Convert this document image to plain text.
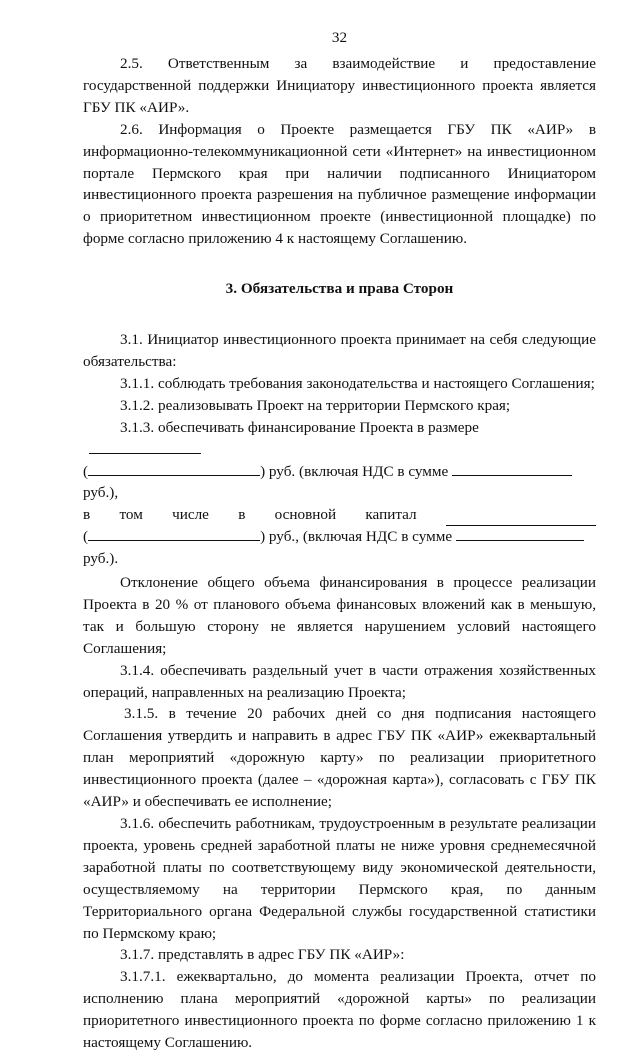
32

2.5. Ответственным за взаимодействие и предоставление государственной поддержки Инициатору инвестиционного проекта является ГБУ ПК «АИР».

2.6. Информация о Проекте размещается ГБУ ПК «АИР» в информационно-телекоммуникационной сети «Интернет» на инвестиционном портале Пермского края при наличии подписанного Инициатором инвестиционного проекта разрешения на публичное размещение информации о приоритетном инвестиционном проекте (инвестиционной площадке) по форме согласно приложению 4 к настоящему Соглашению.

3. Обязательства и права Сторон

3.1. Инициатор инвестиционного проекта принимает на себя следующие обязательства:

3.1.1. соблюдать требования законодательства и настоящего Соглашения;

3.1.2. реализовывать Проект на территории Пермского края;

3.1.3. обеспечивать финансирование Проекта в размере

(	) руб. (включая НДС в сумме  руб.),

в том числе в основной капитал

(	) руб., (включая НДС в сумме  руб.).

Отклонение общего объема финансирования в процессе реализации Проекта в 20 % от планового объема финансовых вложений как в меньшую, так и большую сторону не является нарушением условий настоящего Соглашения;

3.1.4. обеспечивать раздельный учет в части отражения хозяйственных операций, направленных на реализацию Проекта;

3.1.5. в течение 20 рабочих дней со дня подписания настоящего Соглашения утвердить и направить в адрес ГБУ ПК «АИР» ежеквартальный план мероприятий «дорожную карту» по реализации приоритетного инвестиционного проекта (далее – «дорожная карта»), согласовать с ГБУ ПК «АИР» и обеспечивать ее исполнение;

3.1.6. обеспечить работникам, трудоустроенным в результате реализации проекта, уровень средней заработной платы не ниже уровня среднемесячной заработной платы по соответствующему виду экономической деятельности, осуществляемому на территории Пермского края, по данным Территориального органа Федеральной службы государственной статистики по Пермскому краю;

3.1.7. представлять в адрес ГБУ ПК «АИР»:

3.1.7.1. ежеквартально, до момента реализации Проекта, отчет по исполнению плана мероприятий «дорожной карты» по реализации приоритетного инвестиционного проекта по форме согласно приложению 1 к настоящему Соглашению.
